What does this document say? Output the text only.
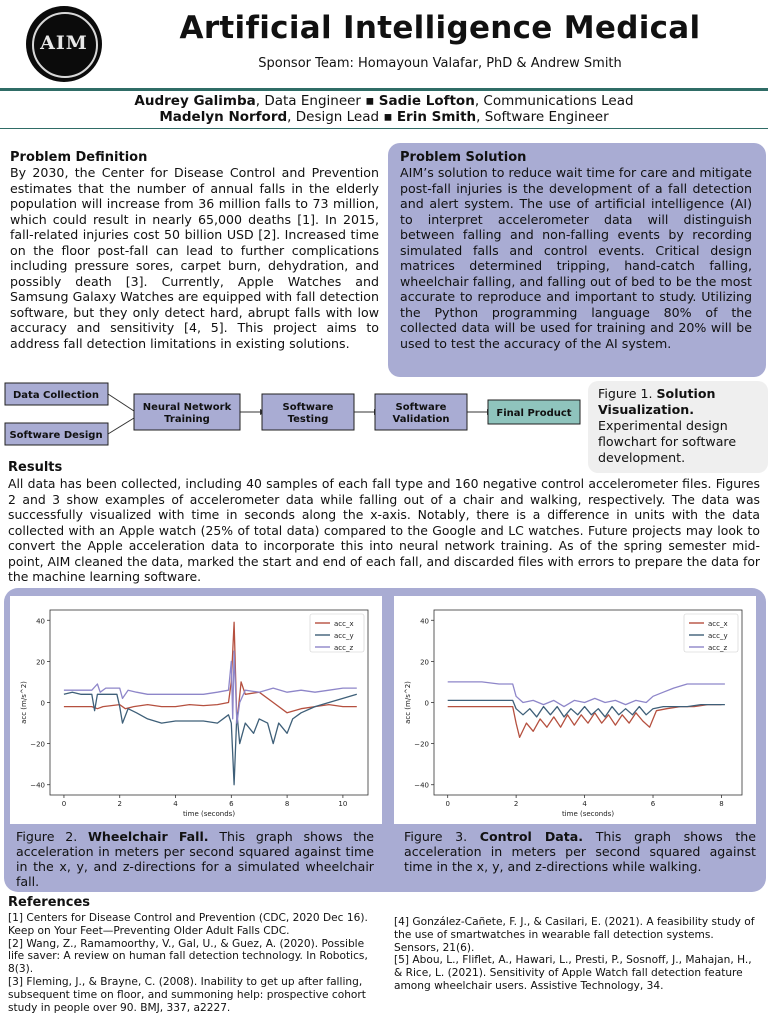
AIM	Artificial Intelligence Medical
Sponsor Team: Homayoun Valafar, PhD & Andrew Smith
Audrey Galimba, Data Engineer ▪ Sadie Lofton, Communications Lead
Madelyn Norford, Design Lead ▪ Erin Smith, Software Engineer
Problem Definition
By 2030, the Center for Disease Control and Prevention estimates that the number of annual falls in the elderly population will increase from 36 million falls to 73 million, which could result in nearly 65,000 deaths [1]. In 2015, fall-related injuries cost 50 billion USD [2]. Increased time on the floor post-fall can lead to further complications including pressure sores, carpet burn, dehydration, and possibly death [3]. Currently, Apple Watches and Samsung Galaxy Watches are equipped with fall detection software, but they only detect hard, abrupt falls with low accuracy and sensitivity [4, 5]. This project aims to address fall detection limitations in existing solutions.
Problem Solution
AIM’s solution to reduce wait time for care and mitigate post-fall injuries is the development of a fall detection and alert system. The use of artificial intelligence (AI) to interpret accelerometer data will distinguish between falling and non-falling events by recording simulated falls and control events. Critical design matrices determined tripping, hand-catch falling, wheelchair falling, and falling out of bed to be the most accurate to reproduce and important to study. Utilizing the Python programming language 80% of the collected data will be used for training and 20% will be used to test the accuracy of the AI system.
Data Collection
Software Design
Neural Network
Training
Software
Testing
Software
Validation
Final Product
Figure 1. Solution Visualization.
Experimental design flowchart for software development.
Results
All data has been collected, including 40 samples of each fall type and 160 negative control accelerometer files. Figures 2 and 3 show examples of accelerometer data while falling out of a chair and walking, respectively. The data was successfully visualized with time in seconds along the x-axis. Notably, there is a difference in units with the data collected with an Apple watch (25% of total data) compared to the Google and LC watches. Future projects may look to convert the Apple acceleration data to incorporate this into neural network training. As of the spring semester mid-point, AIM cleaned the data, marked the start and end of each fall, and discarded files with errors to prepare the data for the machine learning software.
40
20
0
−20
−40
0	2	4	6	8	10
time (seconds)
acc (m/s^2)
acc_x
acc_y
acc_z
40
20
0
−20
−40
0	2	4	6	8
time (seconds)
acc (m/s^2)
acc_x
acc_y
acc_z
Figure 2. Wheelchair Fall. This graph shows the acceleration in meters per second squared against time in the x, y, and z-directions for a simulated wheelchair fall.
Figure 3. Control Data. This graph shows the acceleration in meters per second squared against time in the x, y, and z-directions while walking.
References

[1] Centers for Disease Control and Prevention (CDC, 2020 Dec 16). Keep on Your Feet—Preventing Older Adult Falls CDC.

[2] Wang, Z., Ramamoorthy, V., Gal, U., & Guez, A. (2020). Possible life saver: A review on human fall detection technology. In Robotics, 8(3).

[3] Fleming, J., & Brayne, C. (2008). Inability to get up after falling, subsequent time on floor, and summoning help: prospective cohort study in people over 90. BMJ, 337, a2227.

[4] González-Cañete, F. J., & Casilari, E. (2021). A feasibility study of the use of smartwatches in wearable fall detection systems. Sensors, 21(6).

[5] Abou, L., Fliflet, A., Hawari, L., Presti, P., Sosnoff, J., Mahajan, H., & Rice, L. (2021). Sensitivity of Apple Watch fall detection feature among wheelchair users. Assistive Technology, 34.
